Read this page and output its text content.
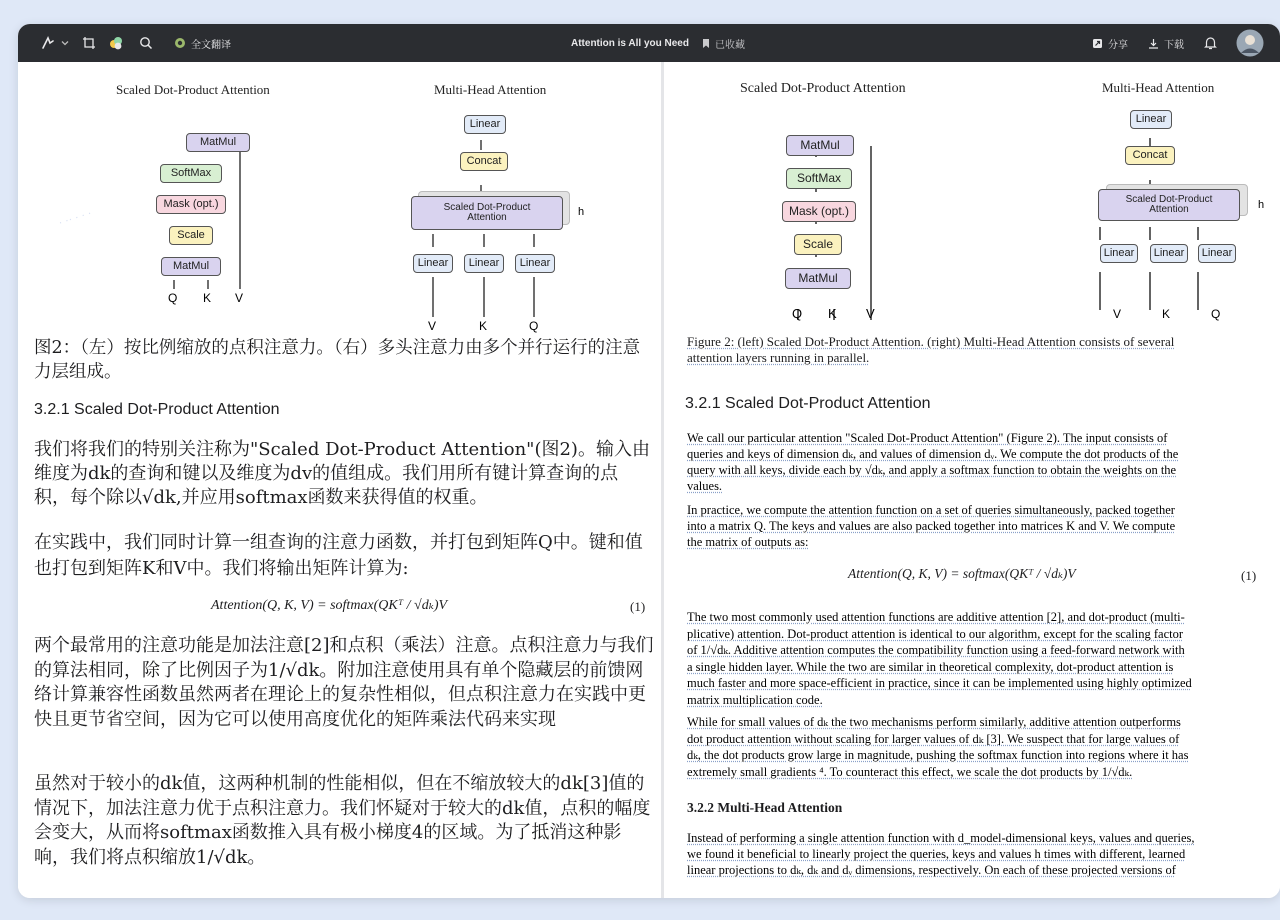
全文翻译	Attention is All you Need	已收藏	分享	下载
· ·· · · ·
Scaled Dot-Product Attention	Multi-Head Attention
MatMul
SoftMax
Mask (opt.)
Scale
MatMul
Q K V
Linear
Concat
Scaled Dot-Product
Attention	h
Linear	Linear	Linear
V	K	Q
图2：（左）按比例缩放的点积注意力。（右）多头注意力由多个并行运行的注意力层组成。
3.2.1 Scaled Dot-Product Attention
我们将我们的特别关注称为"Scaled Dot-Product Attention"(图2)。输入由维度为dk的查询和键以及维度为dv的值组成。我们用所有键计算查询的点积，每个除以√dk,并应用softmax函数来获得值的权重。
在实践中，我们同时计算一组查询的注意力函数，并打包到矩阵Q中。键和值也打包到矩阵K和V中。我们将输出矩阵计算为:
Attention(Q, K, V) = softmax(QKᵀ / √dₖ)V	(1)
两个最常用的注意功能是加法注意[2]和点积（乘法）注意。点积注意力与我们的算法相同，除了比例因子为1/√dk。附加注意使用具有单个隐藏层的前馈网络计算兼容性函数虽然两者在理论上的复杂性相似，但点积注意力在实践中更快且更节省空间，因为它可以使用高度优化的矩阵乘法代码来实现
虽然对于较小的dk值，这两种机制的性能相似，但在不缩放较大的dk[3]值的情况下，加法注意力优于点积注意力。我们怀疑对于较大的dk值，点积的幅度会变大，从而将softmax函数推入具有极小梯度4的区域。为了抵消这种影响，我们将点积缩放1/√dk。
Scaled Dot-Product Attention	Multi-Head Attention
MatMul
SoftMax
Mask (opt.)
Scale
MatMul
Q K V
Linear
Concat
Scaled Dot-Product
Attention	h
Linear	Linear	Linear
V	K	Q
Figure 2: (left) Scaled Dot-Product Attention. (right) Multi-Head Attention consists of several
attention layers running in parallel.
3.2.1 Scaled Dot-Product Attention
We call our particular attention "Scaled Dot-Product Attention" (Figure 2). The input consists of
queries and keys of dimension dₖ, and values of dimension dᵥ. We compute the dot products of the
query with all keys, divide each by √dₖ, and apply a softmax function to obtain the weights on the
values.
In practice, we compute the attention function on a set of queries simultaneously, packed together
into a matrix Q. The keys and values are also packed together into matrices K and V. We compute
the matrix of outputs as:
Attention(Q, K, V) = softmax(QKᵀ / √dₖ)V	(1)
The two most commonly used attention functions are additive attention [2], and dot-product (multi-
plicative) attention. Dot-product attention is identical to our algorithm, except for the scaling factor
of 1/√dₖ. Additive attention computes the compatibility function using a feed-forward network with
a single hidden layer. While the two are similar in theoretical complexity, dot-product attention is
much faster and more space-efficient in practice, since it can be implemented using highly optimized
matrix multiplication code.
While for small values of dₖ the two mechanisms perform similarly, additive attention outperforms
dot product attention without scaling for larger values of dₖ [3]. We suspect that for large values of
dₖ, the dot products grow large in magnitude, pushing the softmax function into regions where it has
extremely small gradients ⁴. To counteract this effect, we scale the dot products by 1/√dₖ.
3.2.2 Multi-Head Attention
Instead of performing a single attention function with d_model-dimensional keys, values and queries,
we found it beneficial to linearly project the queries, keys and values h times with different, learned
linear projections to dₖ, dₖ and dᵥ dimensions, respectively. On each of these projected versions of
